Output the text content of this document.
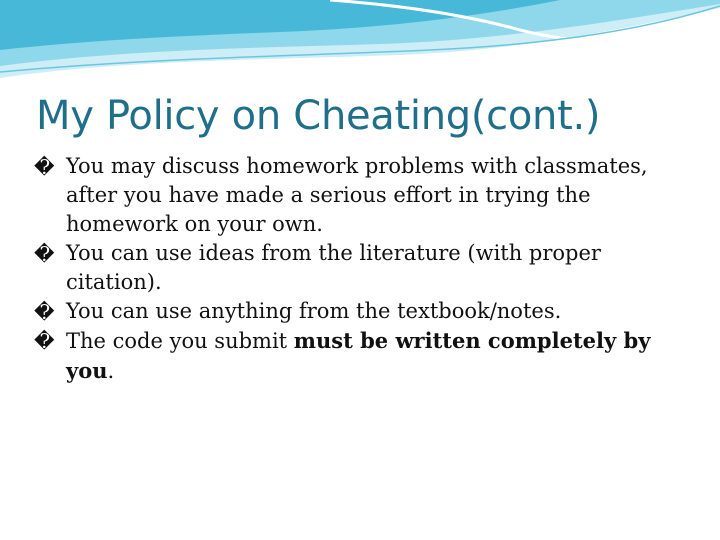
My Policy on Cheating(cont.)
� You may discuss homework problems with classmates, after you have made a serious effort in trying the homework on your own.
� You can use ideas from the literature (with proper citation).
� You can use anything from the textbook/notes.
� The code you submit must be written completely by you.
